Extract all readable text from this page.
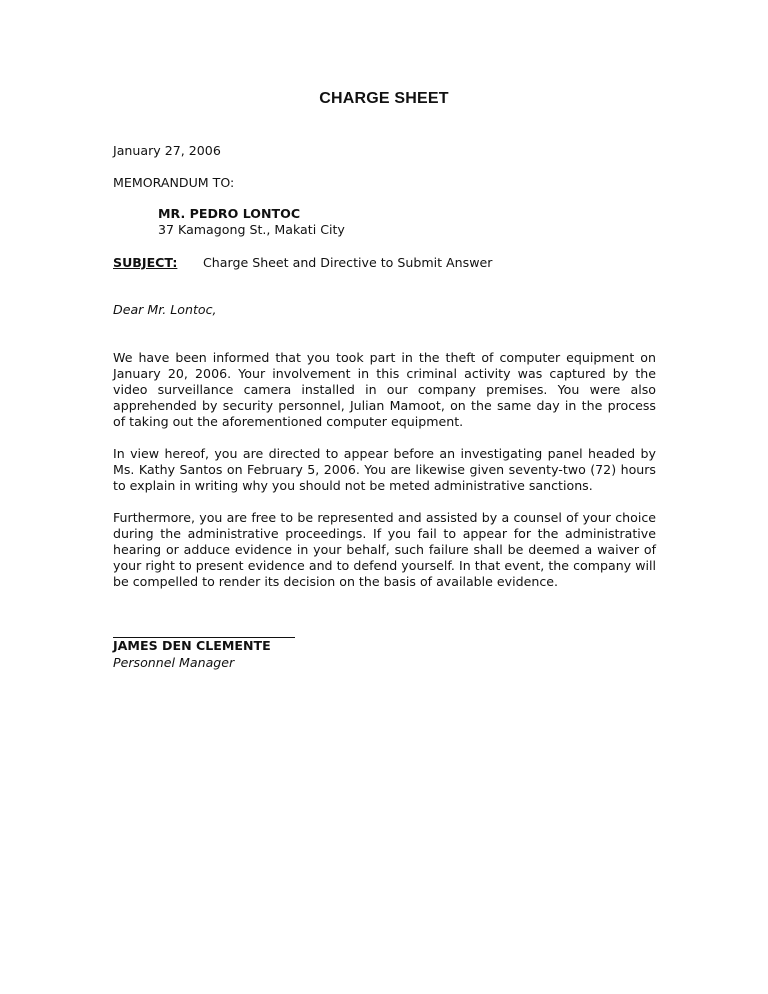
CHARGE SHEET
January 27, 2006
MEMORANDUM TO:
MR. PEDRO LONTOC
37 Kamagong St., Makati City
SUBJECT: Charge Sheet and Directive to Submit Answer
Dear Mr. Lontoc,

We have been informed that you took part in the theft of computer equipment on January 20, 2006. Your involvement in this criminal activity was captured by the video surveillance camera installed in our company premises. You were also apprehended by security personnel, Julian Mamoot, on the same day in the process of taking out the aforementioned computer equipment.

In view hereof, you are directed to appear before an investigating panel headed by Ms. Kathy Santos on February 5, 2006. You are likewise given seventy-two (72) hours to explain in writing why you should not be meted administrative sanctions.

Furthermore, you are free to be represented and assisted by a counsel of your choice during the administrative proceedings. If you fail to appear for the administrative hearing or adduce evidence in your behalf, such failure shall be deemed a waiver of your right to present evidence and to defend yourself. In that event, the company will be compelled to render its decision on the basis of available evidence.

JAMES DEN CLEMENTE
Personnel Manager
